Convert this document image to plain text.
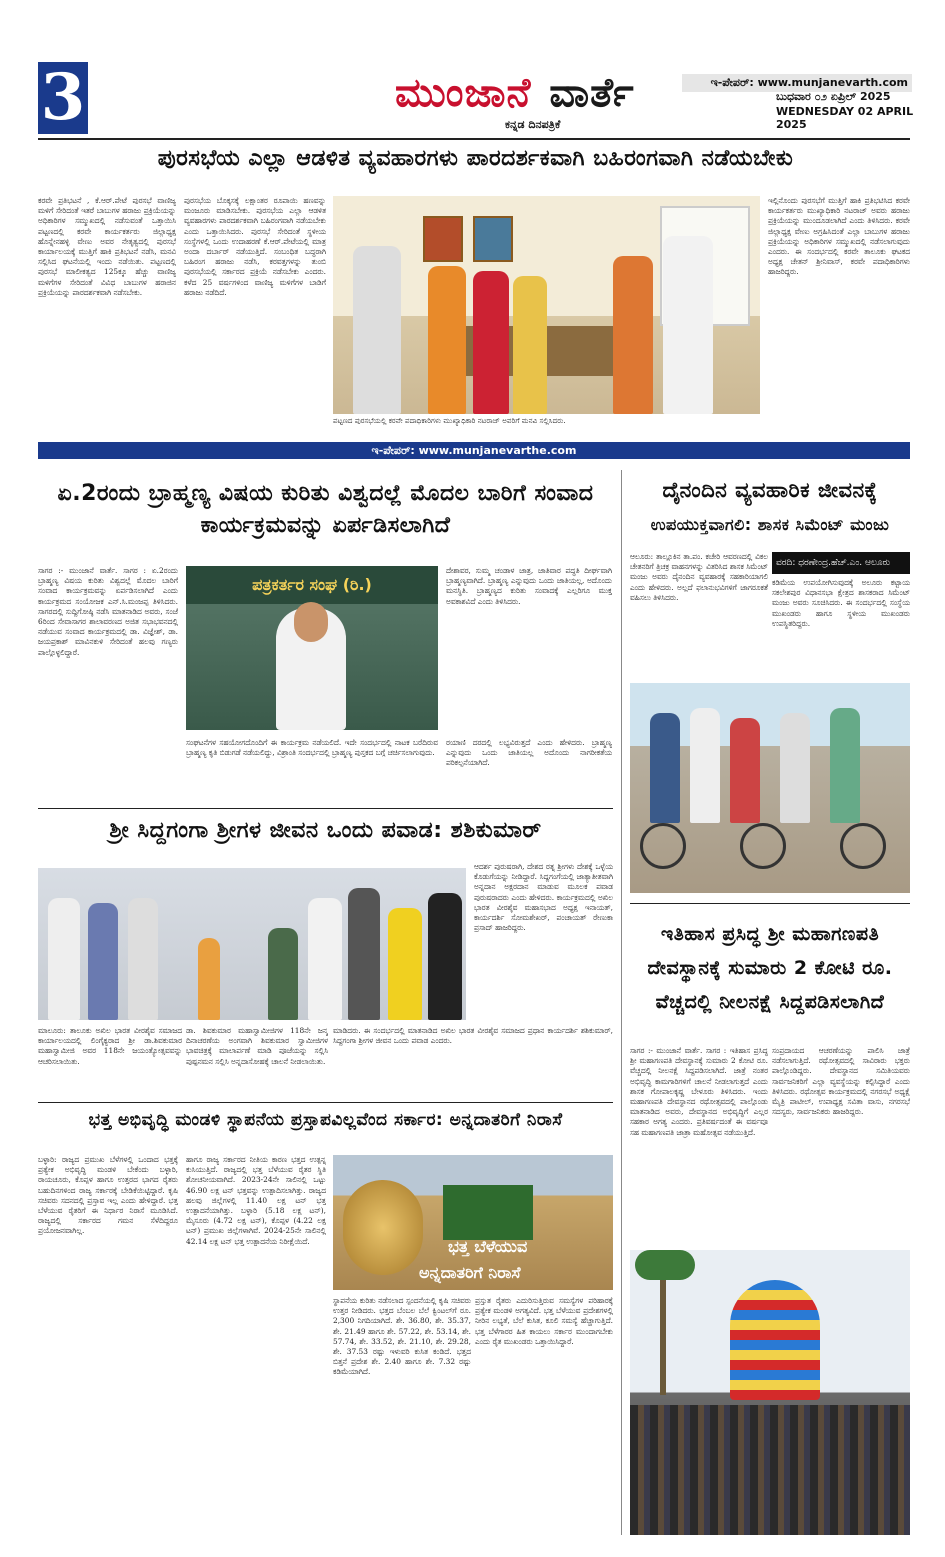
3	ಮುಂಜಾನೆ ವಾರ್ತೆ
ಕನ್ನಡ ದಿನಪತ್ರಿಕೆ
ಇ-ಪೇಪರ್: www.munjanevarth.com
ಬುಧವಾರ ೦೨ ಏಪ್ರಿಲ್ 2025
WEDNESDAY 02 APRIL 2025
ಪುರಸಭೆಯ ಎಲ್ಲಾ ಆಡಳಿತ ವ್ಯವಹಾರಗಳು ಪಾರದರ್ಶಕವಾಗಿ ಬಹಿರಂಗವಾಗಿ ನಡೆಯಬೇಕು
ಕರವೇ ಪ್ರತಿಭಟನೆ , ಕೆ.ಆರ್.ಪೇಟೆ ಪುರಸಭೆ ವಾಣಿಜ್ಯ ಮಳಿಗೆ ಸೇರಿದಂತೆ ಇತರೆ ಬಾಬುಗಳ ಹರಾಜು ಪ್ರಕ್ರಿಯೆಯನ್ನು ಅಧಿಕಾರಿಗಳ ಸಮ್ಮುಖದಲ್ಲಿ ನಡೆಸುವಂತೆ ಒತ್ತಾಯಿಸಿ ಪಟ್ಟಣದಲ್ಲಿ ಕರವೇ ಕಾರ್ಯಕರ್ತರು ಜಿಲ್ಲಾಧ್ಯಕ್ಷ ಹೊನ್ನೇನಹಳ್ಳಿ ವೇಣು ಅವರ ನೇತೃತ್ವದಲ್ಲಿ ಪುರಸಭೆ ಕಾರ್ಯಾಲಯಕ್ಕೆ ಮುತ್ತಿಗೆ ಹಾಕಿ ಪ್ರತಿಭಟನೆ ನಡೆಸಿ, ಮನವಿ ಸಲ್ಲಿಸಿದ ಘಟನೆಯಲ್ಲಿ ಇಂದು ನಡೆಯಿತು. ಪಟ್ಟಣದಲ್ಲಿ ಪುರಸಭೆ ಮಾಲೀಕತ್ವದ 125ಕ್ಕೂ ಹೆಚ್ಚು ವಾಣಿಜ್ಯ ಮಳಿಗೆಗಳ ಸೇರಿದಂತೆ ವಿವಿಧ ಬಾಬುಗಳ ಹರಾಜಿನ ಪ್ರಕ್ರಿಯೆಯನ್ನು ಪಾರದರ್ಶಕವಾಗಿ ನಡೆಸಬೇಕು.
ಪುರಸಭೆಯ ಬೊಕ್ಕಸಕ್ಕೆ ಲಕ್ಷಾಂತರ ರೂಪಾಯಿ ಹಣವನ್ನು ಮಂಜೂರು ಮಾಡಿಸಬೇಕು. ಪುರಸಭೆಯ ಎಲ್ಲಾ ಆಡಳಿತ ವ್ಯವಹಾರಗಳು ಪಾರದರ್ಶಕವಾಗಿ ಬಹಿರಂಗವಾಗಿ ನಡೆಯಬೇಕು ಎಂದು ಒತ್ತಾಯಿಸಿದರು. ಪುರಸಭೆ ಸೇರಿದಂತೆ ಸ್ಥಳೀಯ ಸಂಸ್ಥೆಗಳಲ್ಲಿ ಒಂದು ಉದಾಹರಣೆ ಕೆ.ಆರ್.ಪೇಟೆಯಲ್ಲಿ ಮಾತ್ರ ಅಂದಾ ದರ್ಬಾರ್ ನಡೆಯುತ್ತಿದೆ. ಸಂಬಂಧಿತ ಬದ್ಧರಾಗಿ ಬಹಿರಂಗ ಹರಾಜು ನಡೆಸಿ, ಕರವತ್ತಗಳನ್ನು ತುಂಬಿ ಪುರಸಭೆಯಲ್ಲಿ ಸರ್ಕಾರದ ಪ್ರಕ್ರಿಯೆ ನಡೆಸಬೇಕು ಎಂದರು. ಕಳೆದ 25 ವರ್ಷಗಳಿಂದ ವಾಣಿಜ್ಯ ಮಳಿಗೆಗಳ ಬಾಡಿಗೆ ಹರಾಜು ನಡೆದಿದೆ.
ಪಟ್ಟಣದ ಪುರಸಭೆಯಲ್ಲಿ ಕರವೇ ಪದಾಧಿಕಾರಿಗಳು ಮುಖ್ಯಾಧಿಕಾರಿ ನಟರಾಜ್ ಅವರಿಗೆ ಮನವಿ ಸಲ್ಲಿಸಿದರು.
ಇಲ್ಲಿನೊಂದು ಪುರಸಭೆಗೆ ಮುತ್ತಿಗೆ ಹಾಕಿ ಪ್ರತಿಭಟಿಸಿದ ಕರವೇ ಕಾರ್ಯಕರ್ತರು ಮುಖ್ಯಾಧಿಕಾರಿ ನಟರಾಜ್ ಅವರು ಹರಾಜು ಪ್ರಕ್ರಿಯೆಯನ್ನು ಮುಂದೂಡಲಾಗಿದೆ ಎಂದು ತಿಳಿಸಿದರು. ಕರವೇ ಜಿಲ್ಲಾಧ್ಯಕ್ಷ ವೇಣು ಅಗ್ರಹಿಸಿದಂತೆ ಎಲ್ಲಾ ಬಾಬುಗಳ ಹರಾಜು ಪ್ರಕ್ರಿಯೆಯನ್ನು ಅಧಿಕಾರಿಗಳ ಸಮ್ಮುಖದಲ್ಲಿ ನಡೆಸಲಾಗುವುದು ಎಂದರು. ಈ ಸಂದರ್ಭದಲ್ಲಿ ಕರವೇ ತಾಲೂಕು ಘಟಕದ ಅಧ್ಯಕ್ಷ ಚೇತನ್ ಶ್ರೀನಿವಾಸ್, ಕರವೇ ಪದಾಧಿಕಾರಿಗಳು ಹಾಜರಿದ್ದರು.
ಇ-ಪೇಪರ್: www.munjanevarthe.com
ಏ.2ರಂದು ಬ್ರಾಹ್ಮಣ್ಯ ವಿಷಯ ಕುರಿತು ವಿಶ್ವದಲ್ಲೆ ಮೊದಲ ಬಾರಿಗೆ ಸಂವಾದ ಕಾರ್ಯಕ್ರಮವನ್ನು ಏರ್ಪಡಿಸಲಾಗಿದೆ
ಸಾಗರ :- ಮುಂಜಾನೆ ವಾರ್ತೆ. ಸಾಗರ : ಏ.2ರಂದು ಬ್ರಾಹ್ಮಣ್ಯ ವಿಷಯ ಕುರಿತು ವಿಶ್ವದಲ್ಲೆ ಮೊದಲ ಬಾರಿಗೆ ಸಂವಾದ ಕಾರ್ಯಕ್ರಮವನ್ನು ಏರ್ಪಡಿಸಲಾಗಿದೆ ಎಂದು ಕಾರ್ಯಕ್ರಮದ ಸಂಯೋಜಕ ಎನ್.ಸಿ.ಮಂಜಪ್ಪ ತಿಳಿಸಿದರು. ಸಾಗರದಲ್ಲಿ ಸುದ್ದಿಗೋಷ್ಠಿ ನಡೆಸಿ ಮಾತನಾಡಿದ ಅವರು, ಸಂಜೆ 6ರಿಂದ ಸೇವಾಸಾಗರ ಶಾಲಾವರಣದ ಅಜಿತ ಸಭಾಭವನದಲ್ಲಿ ನಡೆಯುವ ಸಂವಾದ ಕಾರ್ಯಕ್ರಮದಲ್ಲಿ ಡಾ. ವಿಜ್ಞೇಶ್, ಡಾ. ಜಯಪ್ರಕಾಶ್ ಮಾವಿನಕುಳಿ ಸೇರಿದಂತೆ ಹಲವು ಗಣ್ಯರು ಪಾಲ್ಗೊಳ್ಳಲಿದ್ದಾರೆ.
ಪತ್ರಕರ್ತರ ಸಂಘ (ರಿ.)
ದೇಶಾವರ, ಸುಮ್ಮ ಚಂಡಾಳ ಜಾತ್ರ, ಜಾತಿವಾರ ಪದ್ಧತಿ ದೀರ್ಘವಾಗಿ ಬ್ರಾಹ್ಮಣ್ಯವಾಗಿದೆ. ಬ್ರಾಹ್ಮಣ್ಯ ಎನ್ನುವುದು ಒಂದು ಜಾತಿಯಲ್ಲ, ಅದೊಂದು ಮನಸ್ಥಿತಿ. ಬ್ರಾಹ್ಮಣ್ಯದ ಕುರಿತು ಸಂವಾದಕ್ಕೆ ಎಲ್ಲರಿಗೂ ಮುಕ್ತ ಅವಕಾಶವಿದೆ ಎಂದು ತಿಳಿಸಿದರು.
ಸಂಘಟನೆಗಳ ಸಹಯೋಗದೊಂದಿಗೆ ಈ ಕಾರ್ಯಕ್ರಮ ನಡೆಯಲಿದೆ. ಇದೇ ಸಂದರ್ಭದಲ್ಲಿ ನಾಟಕ ಬರೆದಿರುವ ಬ್ರಾಹ್ಮಣ್ಯ ಕೃತಿ ಬಿಡುಗಡೆ ನಡೆಯಲಿದ್ದು, ವಿಶ್ರಾಂತಿ ಸಂದರ್ಭದಲ್ಲಿ ಬ್ರಾಹ್ಮಣ್ಯ ಪುಸ್ತಕದ ಬಗ್ಗೆ ಚರ್ಚಿಸಲಾಗುವುದು.
ರಯಾಣಿ ದರದಲ್ಲಿ ಲಭ್ಯವಿರುತ್ತದೆ ಎಂದು ಹೇಳಿದರು. ಬ್ರಾಹ್ಮಣ್ಯ ಎನ್ನುವುದು ಒಂದು ಜಾತಿಯಲ್ಲ ಅದೊಂದು ನಾಗರೀಕತೆಯ ಪರಿಕಲ್ಪನೆಯಾಗಿದೆ.
ದೈನಂದಿನ ವ್ಯವಹಾರಿಕ ಜೀವನಕ್ಕೆ
ಉಪಯುಕ್ತವಾಗಲಿ: ಶಾಸಕ ಸಿಮೆಂಟ್ ಮಂಜು
ಆಲೂರು: ತಾಲ್ಲೂಕಿನ ತಾ.ಪಂ. ಕಚೇರಿ ಆವರಣದಲ್ಲಿ ವಿಕಲ ಚೇತನರಿಗೆ ತ್ರಿಚಕ್ರ ವಾಹನಗಳನ್ನು ವಿತರಿಸಿದ ಶಾಸಕ ಸಿಮೆಂಟ್ ಮಂಜು ಅವರು ದೈನಂದಿನ ವ್ಯವಹಾರಕ್ಕೆ ಸಹಕಾರಿಯಾಗಲಿ ಎಂದು ಹೇಳಿದರು. ಅಲ್ಲದೆ ಫಲಾನುಭವಿಗಳಿಗೆ ಜಾಗರೂಕತೆ ವಹಿಸಲು ತಿಳಿಸಿದರು.
ವರದಿ: ಧರಣೇಂದ್ರ.ಹೆಚ್.ಎಂ. ಆಲೂರು
ಕಡಿಮೆಯ ಉಪಯೋಗಿಸುವುದಕ್ಕೆ ಅಲೂರು ಕಟ್ಟಾಯ ಸಕಲೇಶಪುರ ವಿಧಾನಸಭಾ ಕ್ಷೇತ್ರದ ಶಾಸಕರಾದ ಸಿಮೆಂಟ್ ಮಂಜು ಅವರು ಸೂಚಿಸಿದರು. ಈ ಸಂದರ್ಭದಲ್ಲಿ ಸಂಸ್ಥೆಯ ಮುಖಂಡರು ಹಾಗೂ ಸ್ಥಳೀಯ ಮುಖಂಡರು ಉಪಸ್ಥಿತರಿದ್ದರು.
ಶ್ರೀ ಸಿದ್ದಗಂಗಾ ಶ್ರೀಗಳ ಜೀವನ ಒಂದು ಪವಾಡ: ಶಶಿಕುಮಾರ್
ಆದರ್ಶ ಪುರುಷರಾಗಿ, ದೇಶದ ರತ್ನ ಶ್ರೀಗಳು ದೇಶಕ್ಕೆ ಒಳ್ಳೆಯ ಕೊಡುಗೆಯನ್ನು ನೀಡಿದ್ದಾರೆ. ಸಿದ್ದಗಂಗೆಯಲ್ಲಿ ಜಾತ್ಯಾತೀತವಾಗಿ ಅನ್ನದಾನ ಅಕ್ಷರದಾನ ಮಾಡುವ ಮೂಲಕ ಪವಾಡ ಪುರುಷರಾದರು ಎಂದು ಹೇಳಿದರು. ಕಾರ್ಯಕ್ರಮದಲ್ಲಿ ಅಖಿಲ ಭಾರತ ವೀರಶೈವ ಮಹಾಸಭಾದ ಅಧ್ಯಕ್ಷ ಇನಾಯತ್, ಕಾರ್ಯದರ್ಶಿ ಸೋಮಶೇಖರ್, ಪಂಚಾಯತ್ ರೇಣುಕಾ ಪ್ರಸಾದ್ ಹಾಜರಿದ್ದರು.
ಮಾಲೂರು: ತಾಲೂಕು ಅಖಿಲ ಭಾರತ ವೀರಶೈವ ಸಮಾಜದ ಕಾರ್ಯಾಲಯದಲ್ಲಿ ಲಿಂಗೈಕ್ಯರಾದ ಶ್ರೀ ಡಾ.ಶಿವಕುಮಾರ ಮಹಾಸ್ವಾಮೀಜಿ ಅವರ 118ನೇ ಜಯಂತ್ಯೋತ್ಸವವನ್ನು ಆಚರಿಸಲಾಯಿತು.
ಡಾ. ಶಿವಕುಮಾರ ಮಹಾಸ್ವಾಮೀಜಿಗಳ 118ನೇ ಜನ್ಮ ದಿನಾಚರಣೆಯ ಅಂಗವಾಗಿ ಶಿವಕುಮಾರ ಸ್ವಾಮೀಜಿಗಳ ಭಾವಚಿತ್ರಕ್ಕೆ ಮಾಲಾರ್ಪಣೆ ಮಾಡಿ ಪೂಜೆಯನ್ನು ಸಲ್ಲಿಸಿ ಪುಷ್ಪನಮನ ಸಲ್ಲಿಸಿ ಅನ್ನದಾಸೋಹಕ್ಕೆ ಚಾಲನೆ ನೀಡಲಾಯಿತು.
ಮಾಡಿದರು. ಈ ಸಂದರ್ಭದಲ್ಲಿ ಮಾತನಾಡಿದ ಅಖಿಲ ಭಾರತ ವೀರಶೈವ ಸಮಾಜದ ಪ್ರಧಾನ ಕಾರ್ಯದರ್ಶಿ ಶಶಿಕುಮಾರ್, ಸಿದ್ದಗಂಗಾ ಶ್ರೀಗಳ ಜೀವನ ಒಂದು ಪವಾಡ ಎಂದರು.
ಇತಿಹಾಸ ಪ್ರಸಿದ್ಧ ಶ್ರೀ ಮಹಾಗಣಪತಿ ದೇವಸ್ಥಾನಕ್ಕೆ ಸುಮಾರು 2 ಕೋಟಿ ರೂ. ವೆಚ್ಚದಲ್ಲಿ ನೀಲನಕ್ಷೆ ಸಿದ್ದಪಡಿಸಲಾಗಿದೆ
ಸಾಗರ :- ಮುಂಜಾನೆ ವಾರ್ತೆ. ಸಾಗರ : ಇತಿಹಾಸ ಪ್ರಸಿದ್ಧ ಶ್ರೀ ಮಹಾಗಣಪತಿ ದೇವಸ್ಥಾನಕ್ಕೆ ಸುಮಾರು 2 ಕೋಟಿ ರೂ. ವೆಚ್ಚದಲ್ಲಿ ನೀಲನಕ್ಷೆ ಸಿದ್ದಪಡಿಸಲಾಗಿದೆ. ಜಾತ್ರೆ ನಂತರ ಅಭಿವೃದ್ಧಿ ಕಾಮಗಾರಿಗಳಿಗೆ ಚಾಲನೆ ನೀಡಲಾಗುತ್ತದೆ ಎಂದು ಶಾಸಕ ಗೋಪಾಲಕೃಷ್ಣ ಬೇಳೂರು ತಿಳಿಸಿದರು. ಇಂದು ಮಹಾಗಣಪತಿ ದೇವಸ್ಥಾನದ ರಥೋತ್ಸವದಲ್ಲಿ ಪಾಲ್ಗೊಂಡು ಮಾತನಾಡಿದ ಅವರು, ದೇವಸ್ಥಾನದ ಅಭಿವೃದ್ಧಿಗೆ ಎಲ್ಲರ ಸಹಕಾರ ಅಗತ್ಯ ಎಂದರು. ಪ್ರತಿವರ್ಷದಂತೆ ಈ ವರ್ಷವೂ ಸಹ ಮಹಾಗಣಪತಿ ಜಾತ್ರಾ ಮಹೋತ್ಸವ ನಡೆಯುತ್ತಿದೆ.
ಸಂಪ್ರದಾಯದ ಆಚರಣೆಯನ್ನು ಪಾಲಿಸಿ ಜಾತ್ರೆ ನಡೆಸಲಾಗುತ್ತಿದೆ. ರಥೋತ್ಸವದಲ್ಲಿ ಸಾವಿರಾರು ಭಕ್ತರು ಪಾಲ್ಗೊಂಡಿದ್ದರು. ದೇವಸ್ಥಾನದ ಸಮಿತಿಯವರು ಸಾರ್ವಜನಿಕರಿಗೆ ಎಲ್ಲಾ ವ್ಯವಸ್ಥೆಯನ್ನು ಕಲ್ಪಿಸಿದ್ದಾರೆ ಎಂದು ತಿಳಿಸಿದರು. ರಥೋತ್ಸವ ಕಾರ್ಯಕ್ರಮದಲ್ಲಿ ನಗರಸಭೆ ಅಧ್ಯಕ್ಷೆ ಮೈತ್ರಿ ಪಾಟೀಲ್, ಉಪಾಧ್ಯಕ್ಷ ಸವಿತಾ ವಾಸು, ನಗರಸಭೆ ಸದಸ್ಯರು, ಸಾರ್ವಜನಿಕರು ಹಾಜರಿದ್ದರು.
ಭತ್ತ ಅಭಿವೃದ್ಧಿ ಮಂಡಳಿ ಸ್ಥಾಪನೆಯ ಪ್ರಸ್ತಾಪವಿಲ್ಲವೆಂದ ಸರ್ಕಾರ: ಅನ್ನದಾತರಿಗೆ ನಿರಾಸೆ
ಬಳ್ಳಾರಿ: ರಾಜ್ಯದ ಪ್ರಮುಖ ಬೆಳೆಗಳಲ್ಲಿ ಒಂದಾದ ಭತ್ತಕ್ಕೆ ಪ್ರತ್ಯೇಕ ಅಭಿವೃದ್ಧಿ ಮಂಡಳಿ ಬೇಕೆಂದು ಬಳ್ಳಾರಿ, ರಾಯಚೂರು, ಕೊಪ್ಪಳ ಹಾಗೂ ಉತ್ತರದ ಭಾಗದ ರೈತರು ಬಹುದಿನಗಳಿಂದ ರಾಜ್ಯ ಸರ್ಕಾರಕ್ಕೆ ಬೇಡಿಕೆಯಿಟ್ಟಿದ್ದಾರೆ. ಕೃಷಿ ಸಚಿವರು ಸದನದಲ್ಲಿ ಪ್ರಸ್ತಾವ ಇಲ್ಲ ಎಂದು ಹೇಳಿದ್ದಾರೆ. ಭತ್ತ ಬೆಳೆಯುವ ರೈತರಿಗೆ ಈ ನಿರ್ಧಾರ ನಿರಾಸೆ ಮೂಡಿಸಿದೆ. ರಾಜ್ಯದಲ್ಲಿ ಸರ್ಕಾರದ ಗಮನ ಸೆಳೆದಿದ್ದರೂ ಪ್ರಯೋಜನವಾಗಿಲ್ಲ.
ಹಾಗೂ ರಾಜ್ಯ ಸರ್ಕಾರದ ನೀತಿಯ ಕಾರಣ ಭತ್ತದ ಉತ್ಪನ್ನ ಕುಸಿಯುತ್ತಿದೆ. ರಾಜ್ಯದಲ್ಲಿ ಭತ್ತ ಬೆಳೆಯುವ ರೈತರ ಸ್ಥಿತಿ ಶೋಚನೀಯವಾಗಿದೆ. 2023-24ನೇ ಸಾಲಿನಲ್ಲಿ ಒಟ್ಟು 46.90 ಲಕ್ಷ ಟನ್ ಭತ್ತವನ್ನು ಉತ್ಪಾದಿಸಲಾಗಿತ್ತು. ರಾಜ್ಯದ ಹಲವು ಜಿಲ್ಲೆಗಳಲ್ಲಿ 11.40 ಲಕ್ಷ ಟನ್ ಭತ್ತ ಉತ್ಪಾದನೆಯಾಗಿತ್ತು. ಬಳ್ಳಾರಿ (5.18 ಲಕ್ಷ ಟನ್), ಮೈಸೂರು (4.72 ಲಕ್ಷ ಟನ್), ಕೊಪ್ಪಳ (4.22 ಲಕ್ಷ ಟನ್) ಪ್ರಮುಖ ಜಿಲ್ಲೆಗಳಾಗಿವೆ. 2024-25ನೇ ಸಾಲಿನಲ್ಲಿ 42.14 ಲಕ್ಷ ಟನ್ ಭತ್ತ ಉತ್ಪಾದನೆಯ ನಿರೀಕ್ಷೆಯಿದೆ.	ಭತ್ತ ಬೆಳೆಯುವ
ಅನ್ನದಾತರಿಗೆ ನಿರಾಸೆ
ಸ್ಥಾಪನೆಯ ಕುರಿತು ನಡೆಸಲಾದ ಸ್ಪಂದನೆಯಲ್ಲಿ ಕೃಷಿ ಸಚಿವರು ಉತ್ತರ ನೀಡಿದರು. ಭತ್ತದ ಬೆಂಬಲ ಬೆಲೆ ಕ್ವಿಂಟಲ್‌ಗೆ ರೂ. 2,300 ನಿಗದಿಯಾಗಿದೆ. ಶೇ. 36.80, ಶೇ. 35.37, ಶೇ. 21.49 ಹಾಗೂ ಶೇ. 57.22, ಶೇ. 53.14, ಶೇ. 57.74, ಶೇ. 33.52, ಶೇ. 21.10, ಶೇ. 29.28, ಶೇ. 37.53 ರಷ್ಟು ಇಳುವರಿ ಕುಸಿತ ಕಂಡಿದೆ. ಭತ್ತದ ಬಿತ್ತನೆ ಪ್ರದೇಶ ಶೇ. 2.40 ಹಾಗೂ ಶೇ. 7.32 ರಷ್ಟು ಕಡಿಮೆಯಾಗಿದೆ.
ಪ್ರಸ್ತುತ ರೈತರು ಎದುರಿಸುತ್ತಿರುವ ಸಮಸ್ಯೆಗಳ ಪರಿಹಾರಕ್ಕೆ ಪ್ರತ್ಯೇಕ ಮಂಡಳಿ ಅಗತ್ಯವಿದೆ. ಭತ್ತ ಬೆಳೆಯುವ ಪ್ರದೇಶಗಳಲ್ಲಿ ನೀರಿನ ಲಭ್ಯತೆ, ಬೆಲೆ ಕುಸಿತ, ಕೂಲಿ ಸಮಸ್ಯೆ ಹೆಚ್ಚಾಗುತ್ತಿದೆ. ಭತ್ತ ಬೆಳೆಗಾರರ ಹಿತ ಕಾಯಲು ಸರ್ಕಾರ ಮುಂದಾಗಬೇಕು ಎಂದು ರೈತ ಮುಖಂಡರು ಒತ್ತಾಯಿಸಿದ್ದಾರೆ.
